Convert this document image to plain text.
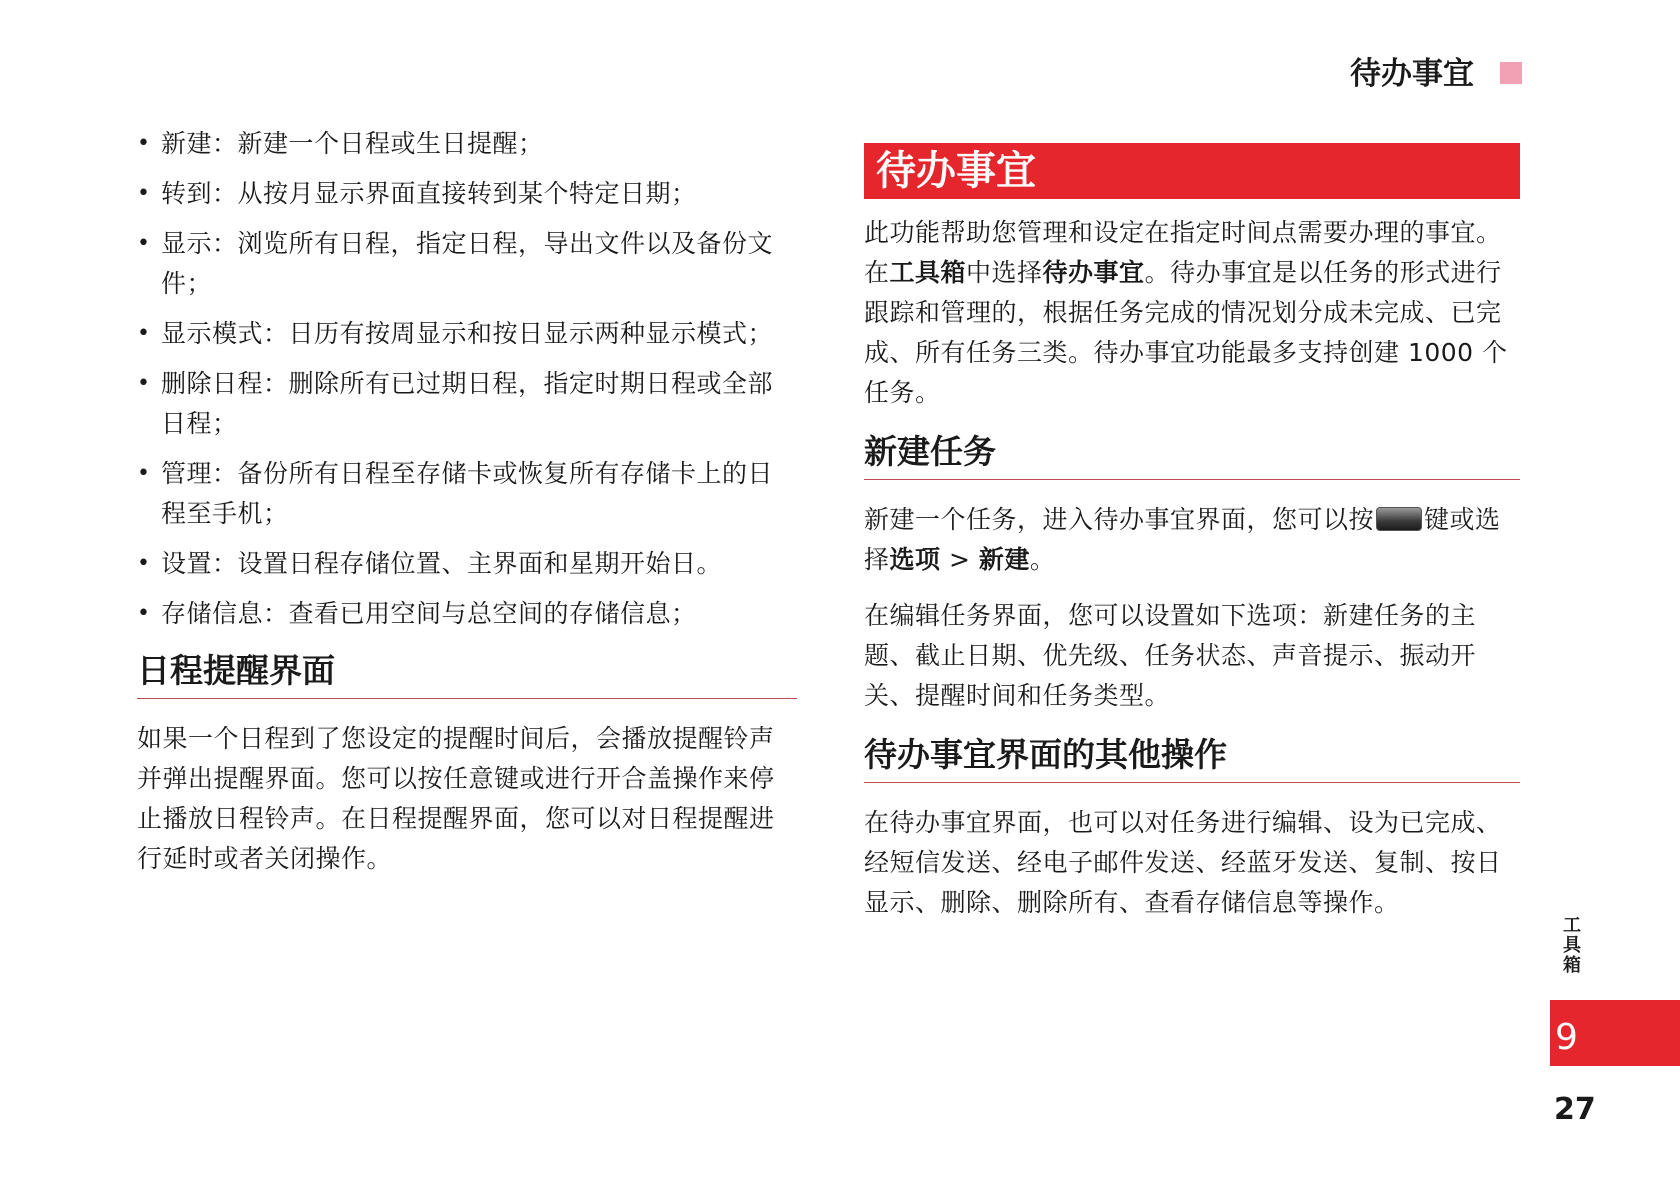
待办事宜
• 新建：新建一个日程或生日提醒；
• 转到：从按月显示界面直接转到某个特定日期；
• 显示：浏览所有日程，指定日程，导出文件以及备份文件；
• 显示模式：日历有按周显示和按日显示两种显示模式；
• 删除日程：删除所有已过期日程，指定时期日程或全部日程；
• 管理：备份所有日程至存储卡或恢复所有存储卡上的日程至手机；
• 设置：设置日程存储位置、主界面和星期开始日。
• 存储信息：查看已用空间与总空间的存储信息；
日程提醒界面

如果一个日程到了您设定的提醒时间后，会播放提醒铃声并弹出提醒界面。您可以按任意键或进行开合盖操作来停止播放日程铃声。在日程提醒界面，您可以对日程提醒进行延时或者关闭操作。

待办事宜

此功能帮助您管理和设定在指定时间点需要办理的事宜。在工具箱中选择待办事宜。待办事宜是以任务的形式进行跟踪和管理的，根据任务完成的情况划分成未完成、已完成、所有任务三类。待办事宜功能最多支持创建 1000 个任务。

新建任务

新建一个任务，进入待办事宜界面，您可以按 键或选择选项 > 新建。

在编辑任务界面，您可以设置如下选项：新建任务的主题、截止日期、优先级、任务状态、声音提示、振动开关、提醒时间和任务类型。

待办事宜界面的其他操作

在待办事宜界面，也可以对任务进行编辑、设为已完成、经短信发送、经电子邮件发送、经蓝牙发送、复制、按日显示、删除、删除所有、查看存储信息等操作。

工具箱
9
27
